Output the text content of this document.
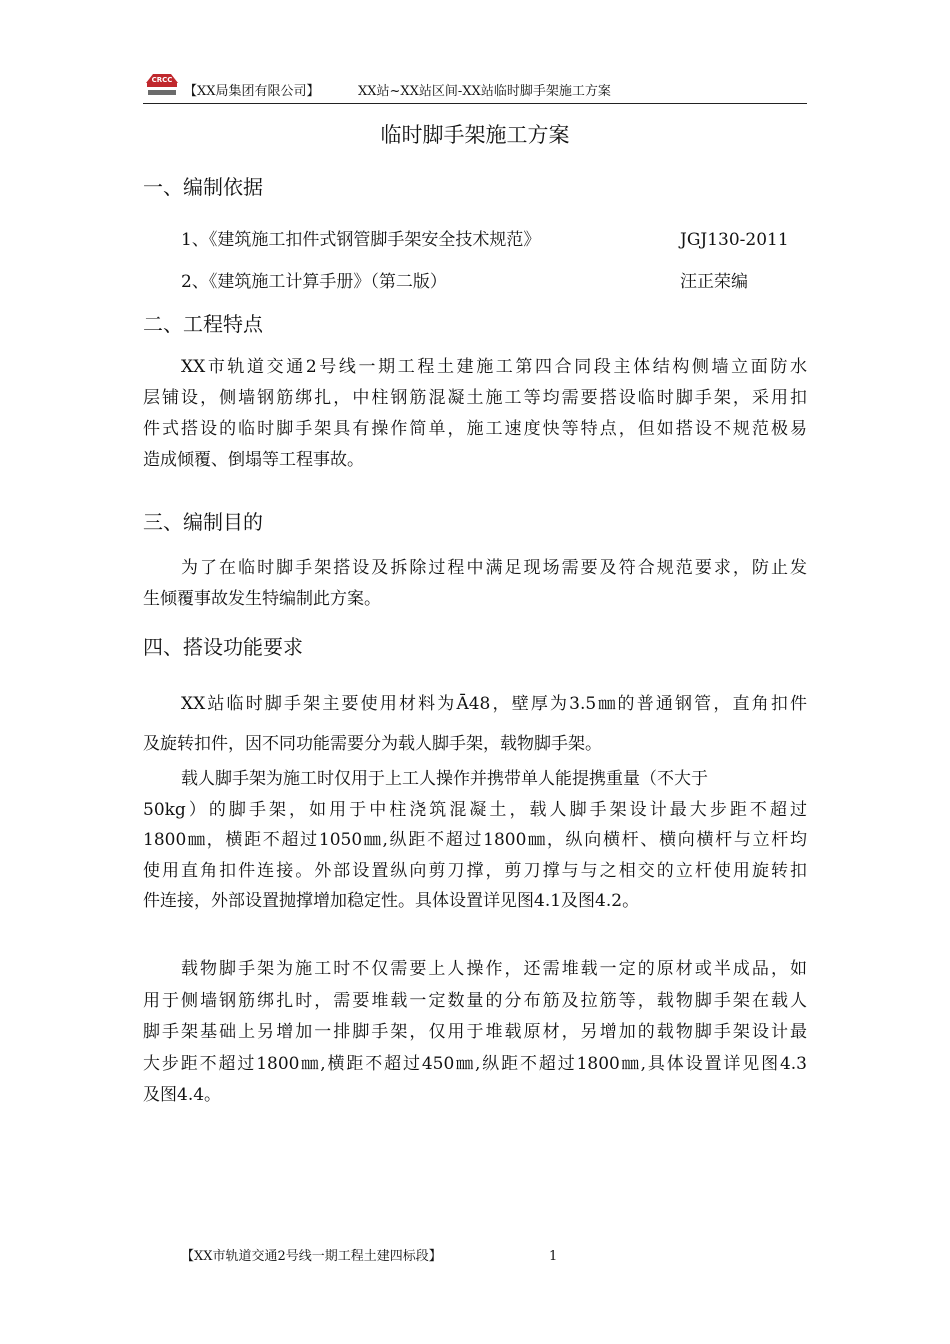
CRCC
【XX局集团有限公司】	XX站~XX站区间-XX站临时脚手架施工方案
临时脚手架施工方案
一、编制依据
1、《建筑施工扣件式钢管脚手架安全技术规范》	JGJ130-2011
2、《建筑施工计算手册》（第二版）	汪正荣编
二、工程特点
XX市轨道交通2号线一期工程土建施工第四合同段主体结构侧墙立面防水
层铺设，侧墙钢筋绑扎，中柱钢筋混凝土施工等均需要搭设临时脚手架，采用扣
件式搭设的临时脚手架具有操作简单，施工速度快等特点，但如搭设不规范极易
造成倾覆、倒塌等工程事故。
三、编制目的
为了在临时脚手架搭设及拆除过程中满足现场需要及符合规范要求，防止发
生倾覆事故发生特编制此方案。
四、搭设功能要求
XX站临时脚手架主要使用材料为Ā48，壁厚为3.5㎜的普通钢管，直角扣件
及旋转扣件，因不同功能需要分为载人脚手架，载物脚手架。
载人脚手架为施工时仅用于上工人操作并携带单人能提携重量（不大于
50kg）的脚手架，如用于中柱浇筑混凝土，载人脚手架设计最大步距不超过
1800㎜，横距不超过1050㎜,纵距不超过1800㎜，纵向横杆、横向横杆与立杆均
使用直角扣件连接。外部设置纵向剪刀撑，剪刀撑与与之相交的立杆使用旋转扣
件连接，外部设置抛撑增加稳定性。具体设置详见图4.1及图4.2。
载物脚手架为施工时不仅需要上人操作，还需堆载一定的原材或半成品，如
用于侧墙钢筋绑扎时，需要堆载一定数量的分布筋及拉筋等，载物脚手架在载人
脚手架基础上另增加一排脚手架，仅用于堆载原材，另增加的载物脚手架设计最
大步距不超过1800㎜,横距不超过450㎜,纵距不超过1800㎜,具体设置详见图4.3
及图4.4。
【XX市轨道交通2号线一期工程土建四标段】	1
